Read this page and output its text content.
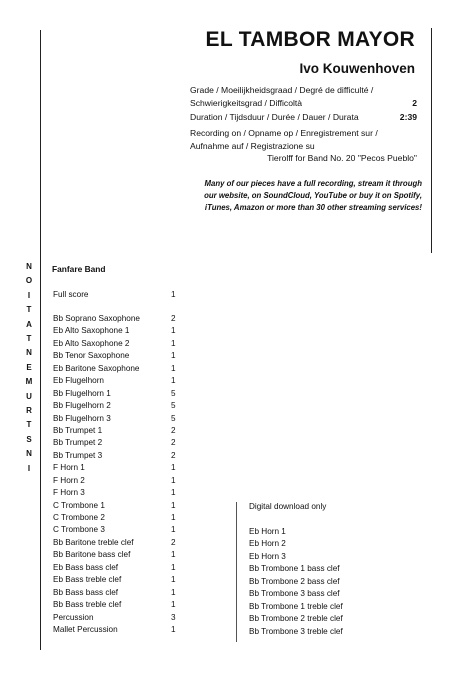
EL TAMBOR MAYOR
Ivo Kouwenhoven
Grade / Moeilijkheidsgraad / Degré de difficulté /
Schwierigkeitsgrad / Difficoltà	2
Duration / Tijdsduur / Durée / Dauer / Durata	2:39
Recording on / Opname op / Enregistrement sur /
Aufnahme auf / Registrazione su
Tierolff for Band No. 20 "Pecos Pueblo"
Many of our pieces have a full recording, stream it through
our website, on SoundCloud, YouTube or buy it on Spotify,
iTunes, Amazon or more than 30 other streaming services!
I
N
S
T
R
U
M
E
N
T
A
T
I
O
N	Fanfare Band
Full score	1
Bb Soprano Saxophone	2
Eb Alto Saxophone 1	1
Eb Alto Saxophone 2	1
Bb Tenor Saxophone	1
Eb Baritone Saxophone	1
Eb Flugelhorn	1
Bb Flugelhorn 1	5
Bb Flugelhorn 2	5
Bb Flugelhorn 3	5
Bb Trumpet 1	2
Bb Trumpet 2	2
Bb Trumpet 3	2
F Horn 1	1
F Horn 2	1
F Horn 3	1
C Trombone 1	1
C Trombone 2	1
C Trombone 3	1
Bb Baritone treble clef	2
Bb Baritone bass clef	1
Eb Bass bass clef	1
Eb Bass treble clef	1
Bb Bass bass clef	1
Bb Bass treble clef	1
Percussion	3
Mallet Percussion	1
Digital download only
Eb Horn 1
Eb Horn 2
Eb Horn 3
Bb Trombone 1 bass clef
Bb Trombone 2 bass clef
Bb Trombone 3 bass clef
Bb Trombone 1 treble clef
Bb Trombone 2 treble clef
Bb Trombone 3 treble clef
